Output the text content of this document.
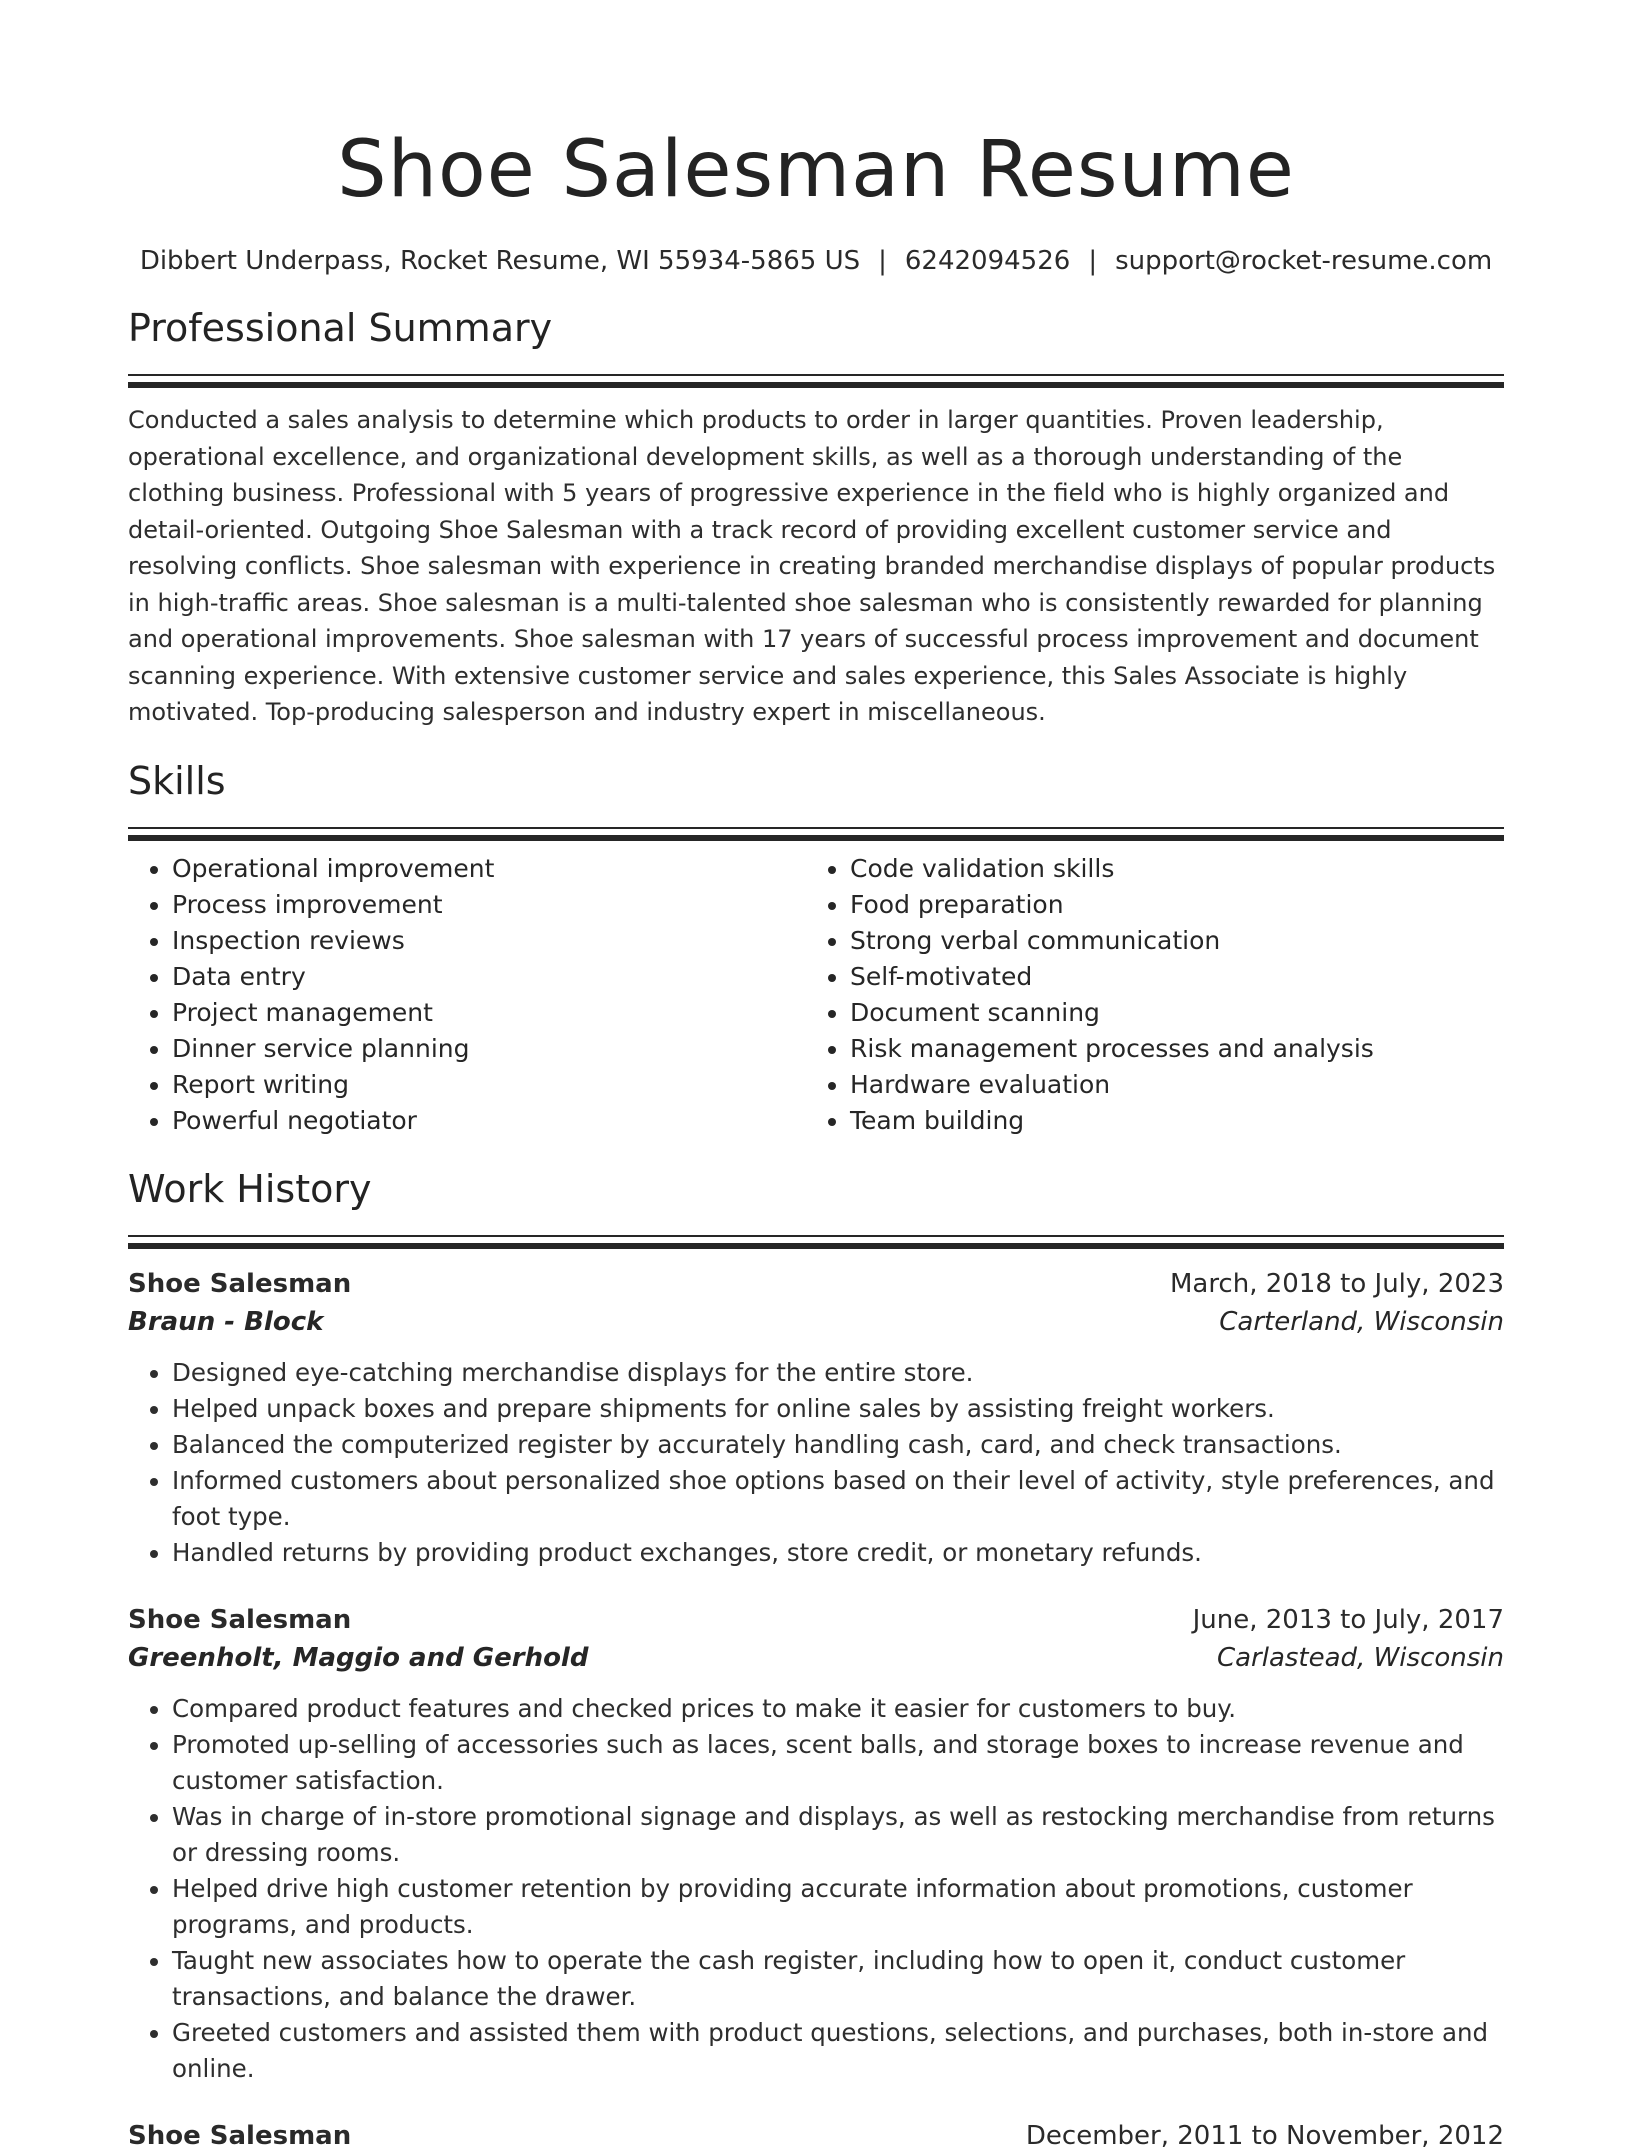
Shoe Salesman Resume
Dibbert Underpass, Rocket Resume, WI 55934-5865 US | 6242094526 | support@rocket-resume.com
Professional Summary

Conducted a sales analysis to determine which products to order in larger quantities. Proven leadership, operational excellence, and organizational development skills, as well as a thorough understanding of the clothing business. Professional with 5 years of progressive experience in the field who is highly organized and detail-oriented. Outgoing Shoe Salesman with a track record of providing excellent customer service and resolving conflicts. Shoe salesman with experience in creating branded merchandise displays of popular products in high-traffic areas. Shoe salesman is a multi-talented shoe salesman who is consistently rewarded for planning and operational improvements. Shoe salesman with 17 years of successful process improvement and document scanning experience. With extensive customer service and sales experience, this Sales Associate is highly motivated. Top-producing salesperson and industry expert in miscellaneous.

Skills
• Operational improvement
• Process improvement
• Inspection reviews
• Data entry
• Project management
• Dinner service planning
• Report writing
• Powerful negotiator
• Code validation skills
• Food preparation
• Strong verbal communication
• Self-motivated
• Document scanning
• Risk management processes and analysis
• Hardware evaluation
• Team building
Work History
Shoe Salesman	March, 2018 to July, 2023
Braun - Block	Carterland, Wisconsin
• Designed eye-catching merchandise displays for the entire store.
• Helped unpack boxes and prepare shipments for online sales by assisting freight workers.
• Balanced the computerized register by accurately handling cash, card, and check transactions.
• Informed customers about personalized shoe options based on their level of activity, style preferences, and foot type.
• Handled returns by providing product exchanges, store credit, or monetary refunds.
Shoe Salesman	June, 2013 to July, 2017
Greenholt, Maggio and Gerhold	Carlastead, Wisconsin
• Compared product features and checked prices to make it easier for customers to buy.
• Promoted up-selling of accessories such as laces, scent balls, and storage boxes to increase revenue and customer satisfaction.
• Was in charge of in-store promotional signage and displays, as well as restocking merchandise from returns or dressing rooms.
• Helped drive high customer retention by providing accurate information about promotions, customer programs, and products.
• Taught new associates how to operate the cash register, including how to open it, conduct customer transactions, and balance the drawer.
• Greeted customers and assisted them with product questions, selections, and purchases, both in-store and online.
Shoe Salesman	December, 2011 to November, 2012
